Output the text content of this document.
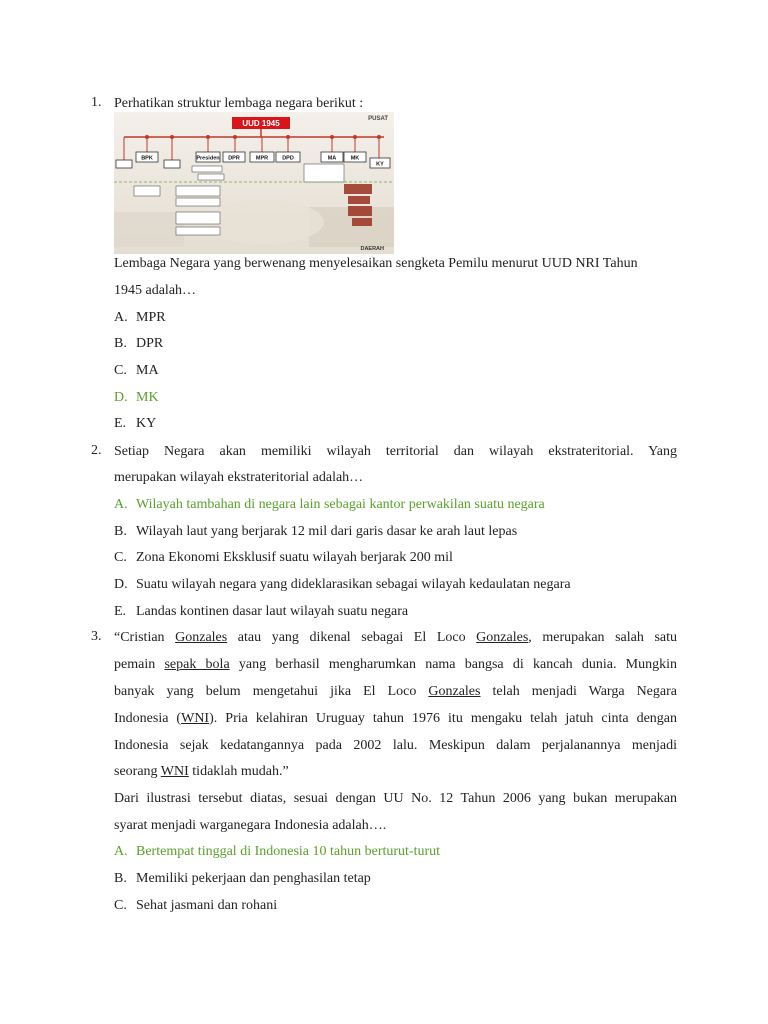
1. Perhatikan struktur lembaga negara berikut :
UUD 1945	PUSAT
BPK	Presiden DPR	MPR	DPD	MA	MK
KY
DAERAH
Lembaga Negara yang berwenang menyelesaikan sengketa Pemilu menurut UUD NRI Tahun
1945 adalah…
A. MPR
B. DPR
C. MA
D. MK
E. KY
2. Setiap Negara akan memiliki wilayah territorial dan wilayah ekstrateritorial. Yang
merupakan wilayah ekstrateritorial adalah…
A. Wilayah tambahan di negara lain sebagai kantor perwakilan suatu negara
B. Wilayah laut yang berjarak 12 mil dari garis dasar ke arah laut lepas
C. Zona Ekonomi Eksklusif suatu wilayah berjarak 200 mil
D. Suatu wilayah negara yang dideklarasikan sebagai wilayah kedaulatan negara
E. Landas kontinen dasar laut wilayah suatu negara
3. “Cristian Gonzales atau yang dikenal sebagai El Loco Gonzales, merupakan salah satu
pemain sepak bola yang berhasil mengharumkan nama bangsa di kancah dunia. Mungkin
banyak yang belum mengetahui jika El Loco Gonzales telah menjadi Warga Negara
Indonesia (WNI). Pria kelahiran Uruguay tahun 1976 itu mengaku telah jatuh cinta dengan
Indonesia sejak kedatangannya pada 2002 lalu. Meskipun dalam perjalanannya menjadi
seorang WNI tidaklah mudah.”
Dari ilustrasi tersebut diatas, sesuai dengan UU No. 12 Tahun 2006 yang bukan merupakan
syarat menjadi warganegara Indonesia adalah….
A. Bertempat tinggal di Indonesia 10 tahun berturut-turut
B. Memiliki pekerjaan dan penghasilan tetap
C. Sehat jasmani dan rohani
